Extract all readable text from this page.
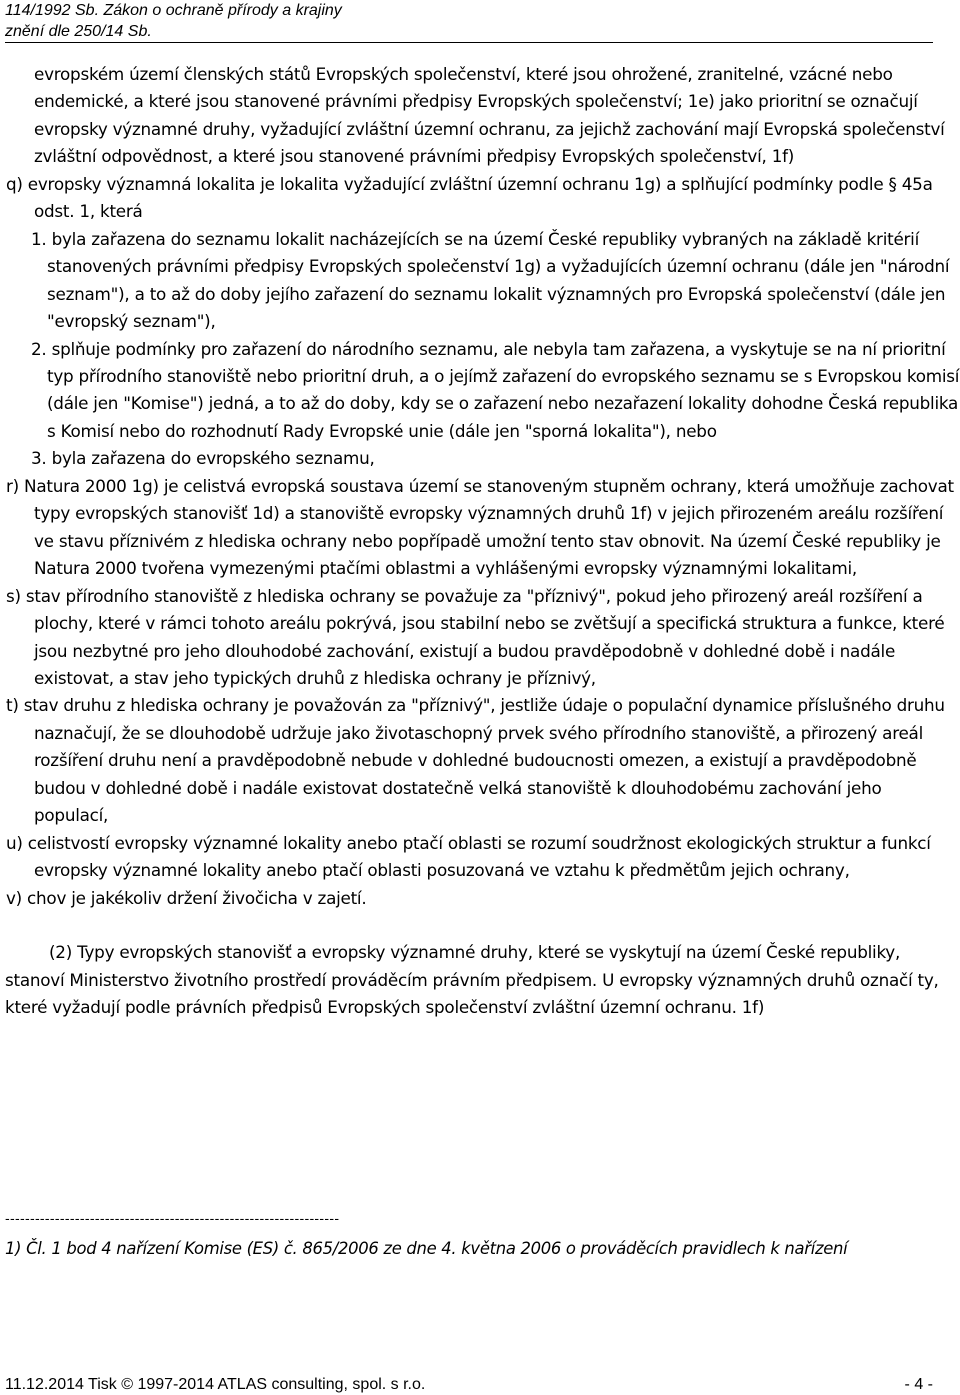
114/1992 Sb. Zákon o ochraně přírody a krajiny
znění dle 250/14 Sb.

evropském území členských států Evropských společenství, které jsou ohrožené, zranitelné, vzácné nebo endemické, a které jsou stanovené právními předpisy Evropských společenství; 1e) jako prioritní se označují evropsky významné druhy, vyžadující zvláštní územní ochranu, za jejichž zachování mají Evropská společenství zvláštní odpovědnost, a které jsou stanovené právními předpisy Evropských společenství, 1f)

q) evropsky významná lokalita je lokalita vyžadující zvláštní územní ochranu 1g) a splňující podmínky podle § 45a odst. 1, která

1. byla zařazena do seznamu lokalit nacházejících se na území České republiky vybraných na základě kritérií stanovených právními předpisy Evropských společenství 1g) a vyžadujících územní ochranu (dále jen "národní seznam"), a to až do doby jejího zařazení do seznamu lokalit významných pro Evropská společenství (dále jen "evropský seznam"),

2. splňuje podmínky pro zařazení do národního seznamu, ale nebyla tam zařazena, a vyskytuje se na ní prioritní typ přírodního stanoviště nebo prioritní druh, a o jejímž zařazení do evropského seznamu se s Evropskou komisí (dále jen "Komise") jedná, a to až do doby, kdy se o zařazení nebo nezařazení lokality dohodne Česká republika s Komisí nebo do rozhodnutí Rady Evropské unie (dále jen "sporná lokalita"), nebo

3. byla zařazena do evropského seznamu,

r) Natura 2000 1g) je celistvá evropská soustava území se stanoveným stupněm ochrany, která umožňuje zachovat typy evropských stanovišť 1d) a stanoviště evropsky významných druhů 1f) v jejich přirozeném areálu rozšíření ve stavu příznivém z hlediska ochrany nebo popřípadě umožní tento stav obnovit. Na území České republiky je Natura 2000 tvořena vymezenými ptačími oblastmi a vyhlášenými evropsky významnými lokalitami,

s) stav přírodního stanoviště z hlediska ochrany se považuje za "příznivý", pokud jeho přirozený areál rozšíření a plochy, které v rámci tohoto areálu pokrývá, jsou stabilní nebo se zvětšují a specifická struktura a funkce, které jsou nezbytné pro jeho dlouhodobé zachování, existují a budou pravděpodobně v dohledné době i nadále existovat, a stav jeho typických druhů z hlediska ochrany je příznivý,

t) stav druhu z hlediska ochrany je považován za "příznivý", jestliže údaje o populační dynamice příslušného druhu naznačují, že se dlouhodobě udržuje jako životaschopný prvek svého přírodního stanoviště, a přirozený areál rozšíření druhu není a pravděpodobně nebude v dohledné budoucnosti omezen, a existují a pravděpodobně budou v dohledné době i nadále existovat dostatečně velká stanoviště k dlouhodobému zachování jeho populací,

u) celistvostí evropsky významné lokality anebo ptačí oblasti se rozumí soudržnost ekologických struktur a funkcí evropsky významné lokality anebo ptačí oblasti posuzovaná ve vztahu k předmětům jejich ochrany,

v) chov je jakékoliv držení živočicha v zajetí.

(2) Typy evropských stanovišť a evropsky významné druhy, které se vyskytují na území České republiky, stanoví Ministerstvo životního prostředí prováděcím právním předpisem. U evropsky významných druhů označí ty, které vyžadují podle právních předpisů Evropských společenství zvláštní územní ochranu. 1f)

-------------------------------------------------------------------
1) Čl. 1 bod 4 nařízení Komise (ES) č. 865/2006 ze dne 4. května 2006 o prováděcích pravidlech k nařízení
11.12.2014 Tisk © 1997-2014 ATLAS consulting, spol. s r.o.	- 4 -
